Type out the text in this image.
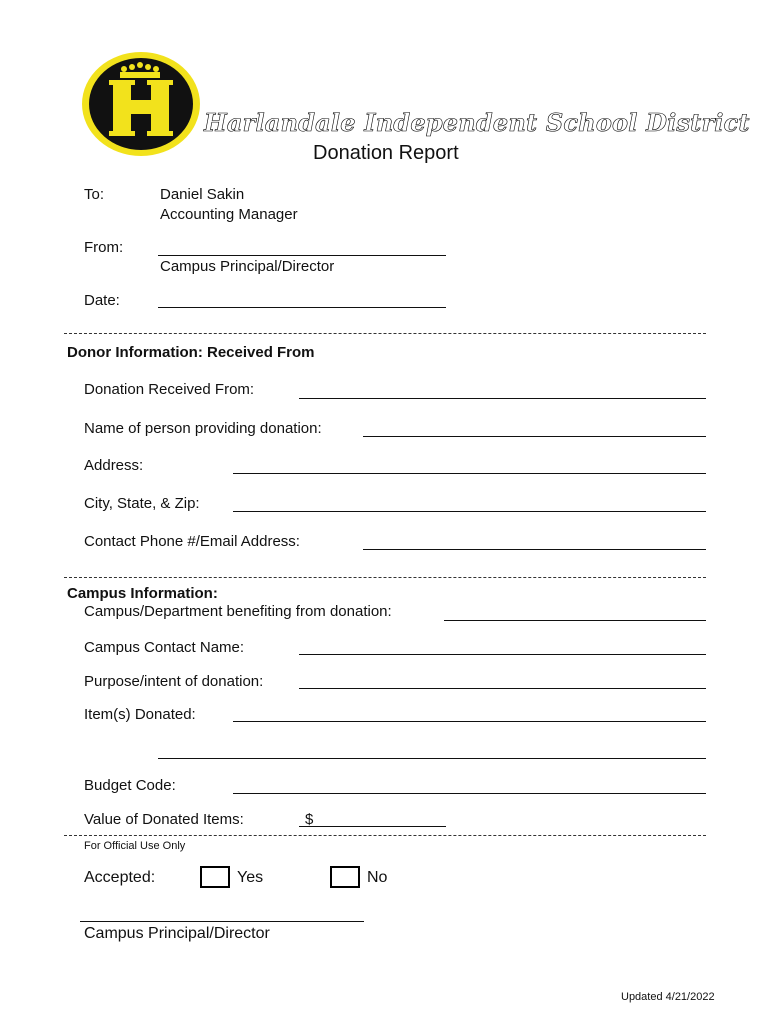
Harlandale Independent School District
Donation Report
To:	Daniel Sakin
Accounting Manager
From:
Campus Principal/Director
Date:
Donor Information: Received From
Donation Received From:
Name of person providing donation:
Address:
City, State, & Zip:
Contact Phone #/Email Address:
Campus Information:
Campus/Department benefiting from donation:
Campus Contact Name:
Purpose/intent of donation:
Item(s) Donated:
Budget Code:
Value of Donated Items:	$
For Official Use Only
Accepted:	Yes	No
Campus Principal/Director
Updated 4/21/2022
